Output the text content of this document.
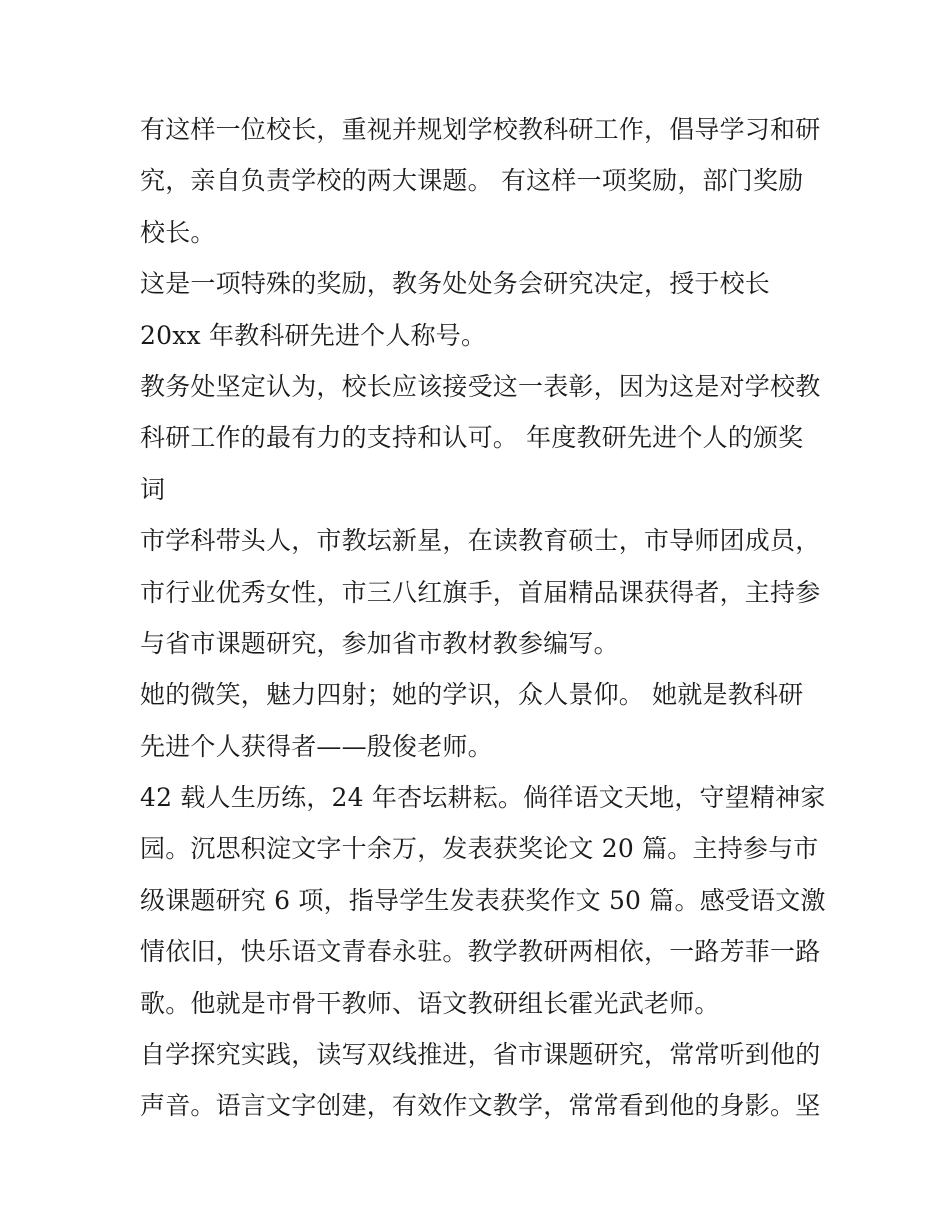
有这样一位校长，重视并规划学校教科研工作，倡导学习和研
究，亲自负责学校的两大课题。 有这样一项奖励，部门奖励
校长。
这是一项特殊的奖励，教务处处务会研究决定，授于校长
20xx 年教科研先进个人称号。
教务处坚定认为，校长应该接受这一表彰，因为这是对学校教
科研工作的最有力的支持和认可。 年度教研先进个人的颁奖
词
市学科带头人，市教坛新星，在读教育硕士，市导师团成员，
市行业优秀女性，市三八红旗手，首届精品课获得者，主持参
与省市课题研究，参加省市教材教参编写。
她的微笑，魅力四射；她的学识，众人景仰。 她就是教科研
先进个人获得者——殷俊老师。
42 载人生历练，24 年杏坛耕耘。倘徉语文天地，守望精神家
园。沉思积淀文字十余万，发表获奖论文 20 篇。主持参与市
级课题研究 6 项，指导学生发表获奖作文 50 篇。感受语文激
情依旧，快乐语文青春永驻。教学教研两相依，一路芳菲一路
歌。他就是市骨干教师、语文教研组长霍光武老师。
自学探究实践，读写双线推进，省市课题研究，常常听到他的
声音。语言文字创建，有效作文教学，常常看到他的身影。坚
